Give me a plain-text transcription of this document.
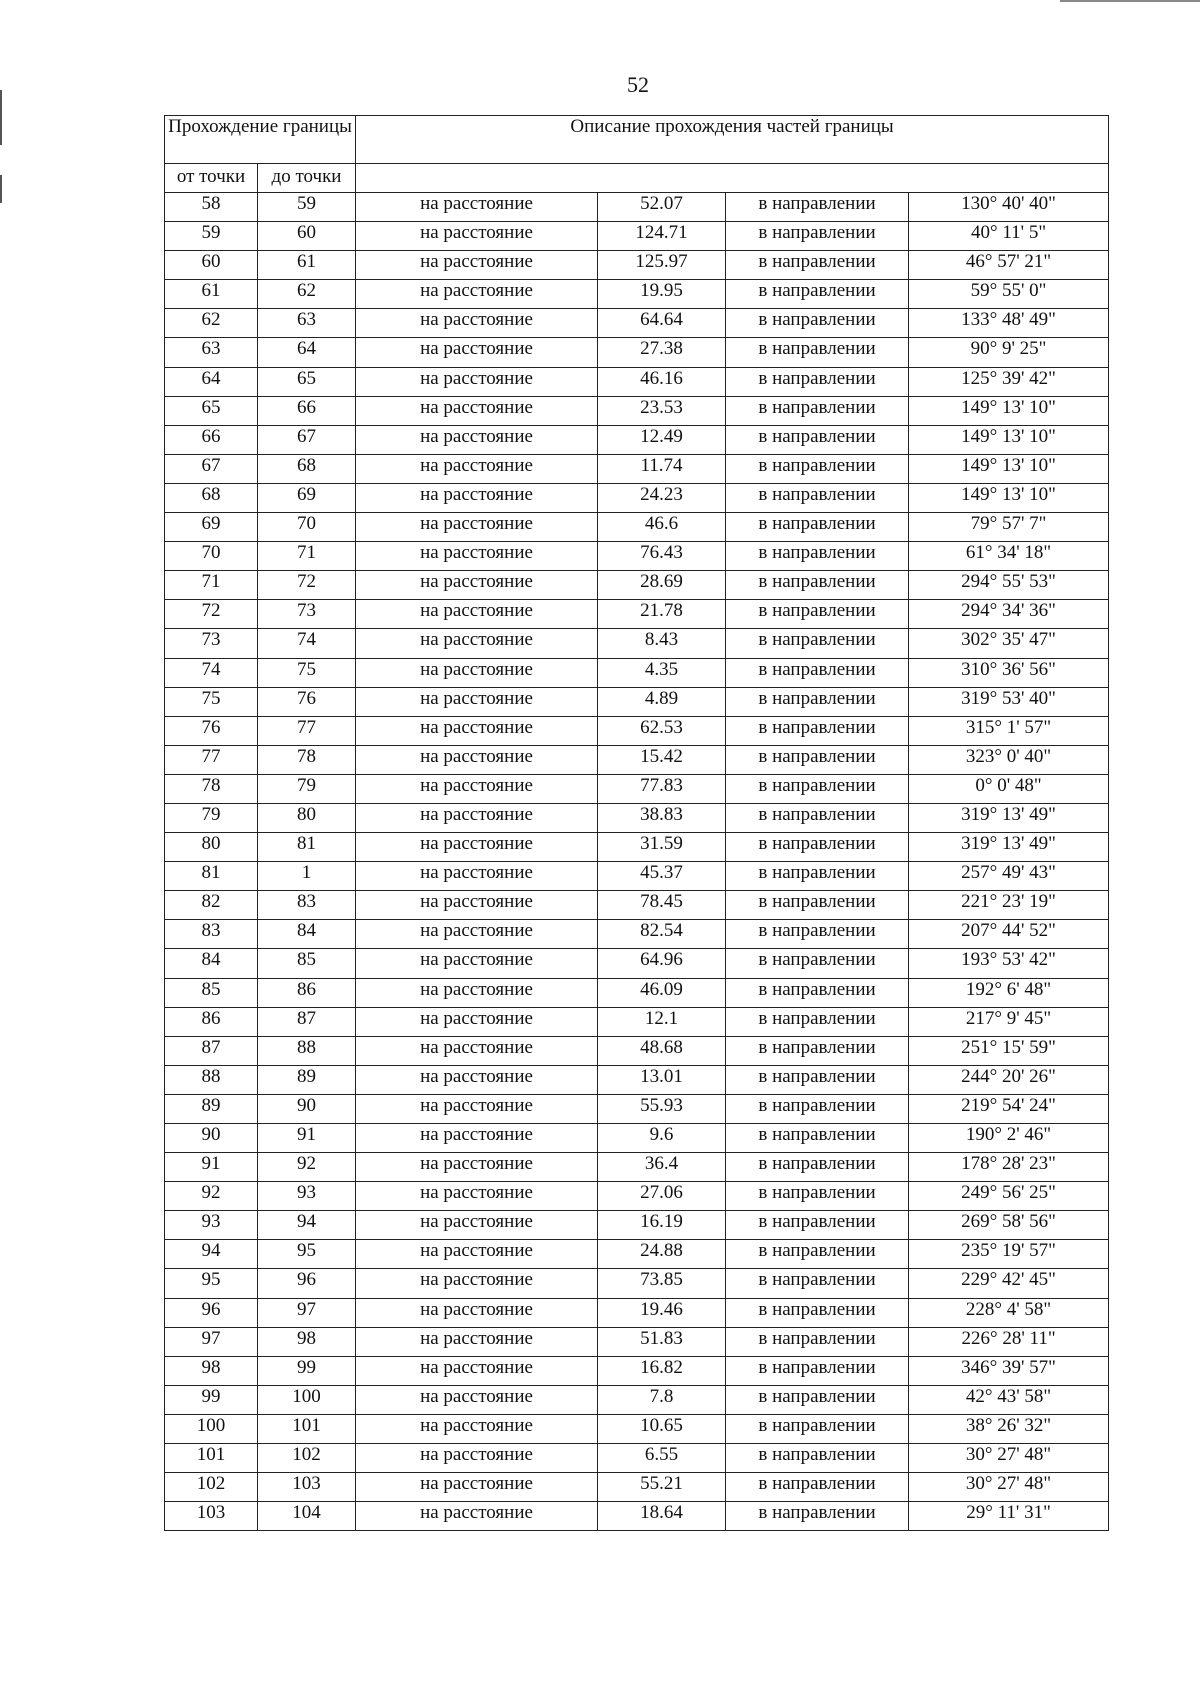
52
Прохождение границы		Описание прохождения частей границы			
от точки	до точки				
58	59	на расстояние	52.07	в направлении	130° 40' 40"
59	60	на расстояние	124.71	в направлении	40° 11' 5"
60	61	на расстояние	125.97	в направлении	46° 57' 21"
61	62	на расстояние	19.95	в направлении	59° 55' 0"
62	63	на расстояние	64.64	в направлении	133° 48' 49"
63	64	на расстояние	27.38	в направлении	90° 9' 25"
64	65	на расстояние	46.16	в направлении	125° 39' 42"
65	66	на расстояние	23.53	в направлении	149° 13' 10"
66	67	на расстояние	12.49	в направлении	149° 13' 10"
67	68	на расстояние	11.74	в направлении	149° 13' 10"
68	69	на расстояние	24.23	в направлении	149° 13' 10"
69	70	на расстояние	46.6	в направлении	79° 57' 7"
70	71	на расстояние	76.43	в направлении	61° 34' 18"
71	72	на расстояние	28.69	в направлении	294° 55' 53"
72	73	на расстояние	21.78	в направлении	294° 34' 36"
73	74	на расстояние	8.43	в направлении	302° 35' 47"
74	75	на расстояние	4.35	в направлении	310° 36' 56"
75	76	на расстояние	4.89	в направлении	319° 53' 40"
76	77	на расстояние	62.53	в направлении	315° 1' 57"
77	78	на расстояние	15.42	в направлении	323° 0' 40"
78	79	на расстояние	77.83	в направлении	0° 0' 48"
79	80	на расстояние	38.83	в направлении	319° 13' 49"
80	81	на расстояние	31.59	в направлении	319° 13' 49"
81	1	на расстояние	45.37	в направлении	257° 49' 43"
82	83	на расстояние	78.45	в направлении	221° 23' 19"
83	84	на расстояние	82.54	в направлении	207° 44' 52"
84	85	на расстояние	64.96	в направлении	193° 53' 42"
85	86	на расстояние	46.09	в направлении	192° 6' 48"
86	87	на расстояние	12.1	в направлении	217° 9' 45"
87	88	на расстояние	48.68	в направлении	251° 15' 59"
88	89	на расстояние	13.01	в направлении	244° 20' 26"
89	90	на расстояние	55.93	в направлении	219° 54' 24"
90	91	на расстояние	9.6	в направлении	190° 2' 46"
91	92	на расстояние	36.4	в направлении	178° 28' 23"
92	93	на расстояние	27.06	в направлении	249° 56' 25"
93	94	на расстояние	16.19	в направлении	269° 58' 56"
94	95	на расстояние	24.88	в направлении	235° 19' 57"
95	96	на расстояние	73.85	в направлении	229° 42' 45"
96	97	на расстояние	19.46	в направлении	228° 4' 58"
97	98	на расстояние	51.83	в направлении	226° 28' 11"
98	99	на расстояние	16.82	в направлении	346° 39' 57"
99	100	на расстояние	7.8	в направлении	42° 43' 58"
100	101	на расстояние	10.65	в направлении	38° 26' 32"
101	102	на расстояние	6.55	в направлении	30° 27' 48"
102	103	на расстояние	55.21	в направлении	30° 27' 48"
103	104	на расстояние	18.64	в направлении	29° 11' 31"
